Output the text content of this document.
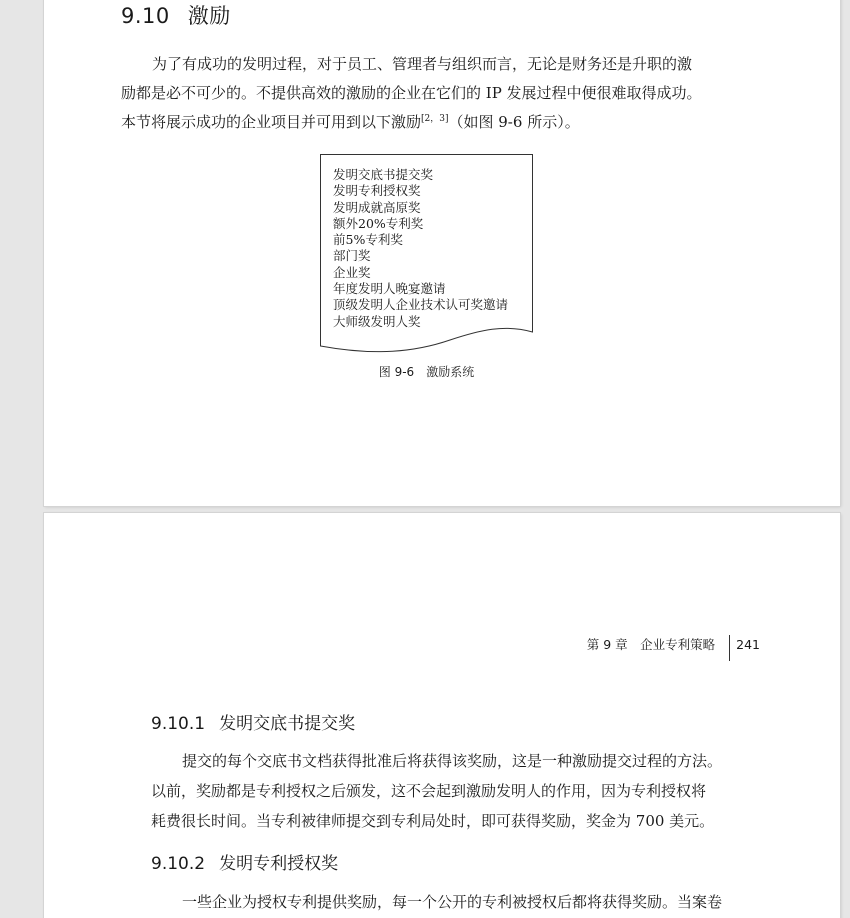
9.10 激励

为了有成功的发明过程，对于员工、管理者与组织而言，无论是财务还是升职的激
励都是必不可少的。不提供高效的激励的企业在它们的 IP 发展过程中便很难取得成功。
本节将展示成功的企业项目并可用到以下激励[2，3]（如图 9-6 所示）。

发明交底书提交奖
发明专利授权奖
发明成就高原奖
额外20%专利奖
前5%专利奖
部门奖
企业奖
年度发明人晚宴邀请
顶级发明人企业技术认可奖邀请
大师级发明人奖
图 9-6 激励系统
第 9 章　企业专利策略 241
9.10.1 发明交底书提交奖

提交的每个交底书文档获得批准后将获得该奖励，这是一种激励提交过程的方法。
以前，奖励都是专利授权之后颁发，这不会起到激励发明人的作用，因为专利授权将
耗费很长时间。当专利被律师提交到专利局处时，即可获得奖励，奖金为 700 美元。

9.10.2 发明专利授权奖

一些企业为授权专利提供奖励，每一个公开的专利被授权后都将获得奖励。当案卷
